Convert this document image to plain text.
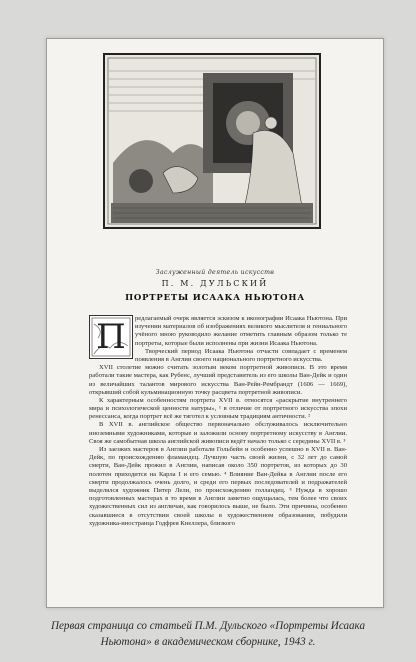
Заслуженный деятель искусств
П. М. ДУЛЬСКИЙ
ПОРТРЕТЫ ИСААКА НЬЮТОНА
П	редлагаемый очерк является эскизом к иконографии Исаака Ньютона. При изучении материалов об изображениях великого мыслителя и гениального учёного мною руководило желание отметить главным образом только те портреты, которые были исполнены при жизни Исаака Ньютона.

Творческий период Исаака Ньютона отчасти совпадает с временем появления в Англии своего национального портретного искусства.

XVII столетие можно считать золотым веком портретной живописи. В это время работали такие мастера, как Рубенс, лучший представитель из его школы Ван-Дейк и один из величайших талантов мирового искусства Ван-Рейн-Рембрандт (1606 — 1669), открывший собой кульминационную точку расцвета портретной живописи.

К характерным особенностям портрета XVII в. относятся «раскрытие внутреннего мира и психологической ценности натуры», ¹ в отличие от портретного искусства эпохи ренессанса, когда портрет всё же тяготел к условным традициям античности. ²

В XVII в. английское общество первоначально обслуживалось исключительно иноземными художниками, которые и заложили основу портретному искусству в Англии. Своя же самобытная школа английской живописи ведёт начало только с середины XVII в. ³

Из заезжих мастеров в Англии работали Гольбейн и особенно успешно в XVII в. Ван-Дейк, по происхождению фламандец. Лучшую часть своей жизни, с 32 лет до самой смерти, Ван-Дейк прожил в Англии, написав около 350 портретов, из которых до 30 полотен приходится на Карла I и его семью. ⁴ Влияние Ван-Дейка в Англии после его смерти продолжалось очень долго, и среди его первых последователей и подражателей выделялся художник Питер Лели, по происхождению голландец. ⁵ Нужда в хорошо подготовленных мастерах в то время в Англии заметно ощущалась, тем более что своих художественных сил из англичан, как говорилось выше, не было. Эти причины, особенно сказавшиеся в отсутствии своей школы в художественном образовании, побудили художника-иностранца Годфрея Кнеллера, близкого

Первая страница со статьей П.М. Дульского «Портреты Исаака
Ньютона» в академическом сборнике, 1943 г.
